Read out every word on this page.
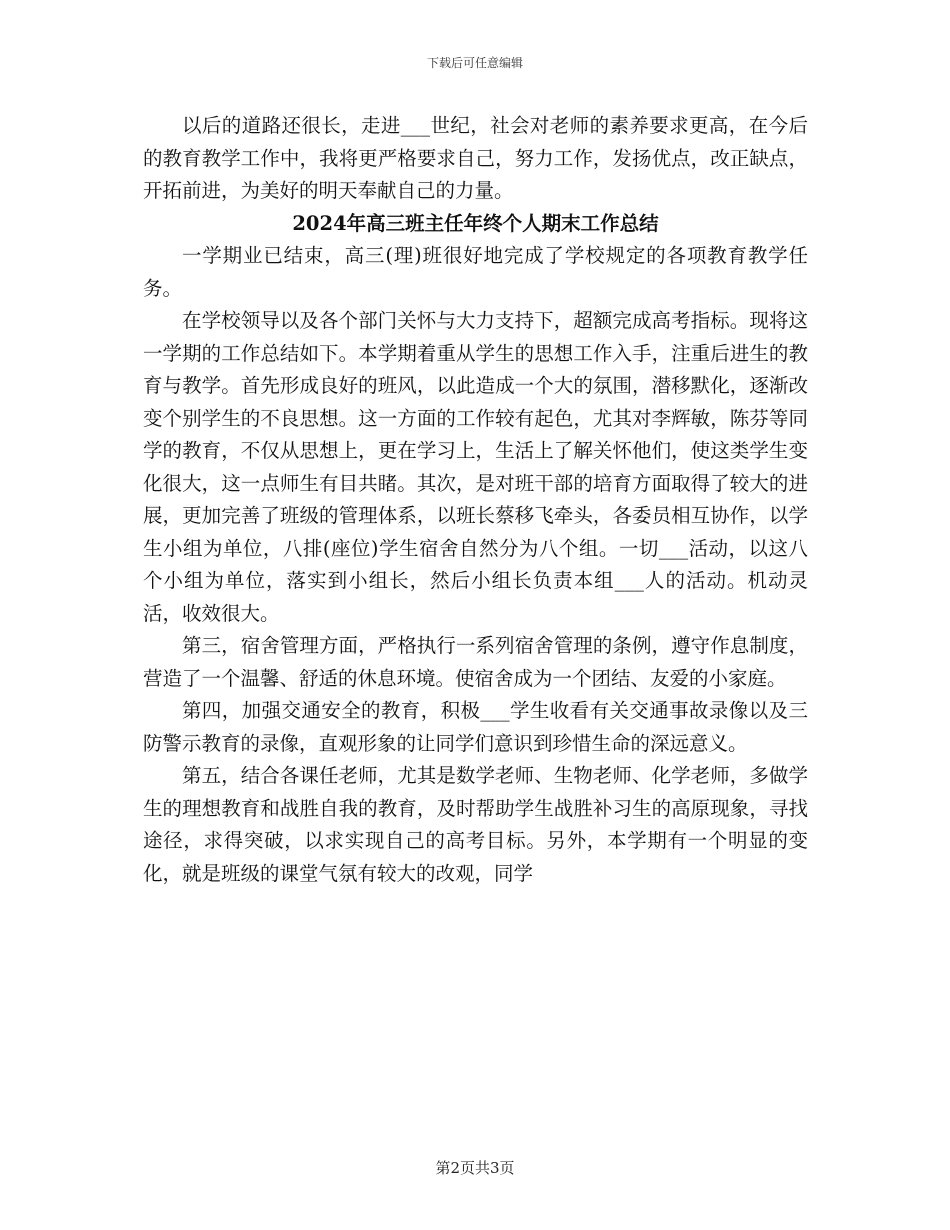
下载后可任意编辑

以后的道路还很长，走进___世纪，社会对老师的素养要求更高，在今后的教育教学工作中，我将更严格要求自己，努力工作，发扬优点，改正缺点，开拓前进，为美好的明天奉献自己的力量。

2024年高三班主任年终个人期末工作总结

一学期业已结束，高三(理)班很好地完成了学校规定的各项教育教学任务。

在学校领导以及各个部门关怀与大力支持下，超额完成高考指标。现将这一学期的工作总结如下。本学期着重从学生的思想工作入手，注重后进生的教育与教学。首先形成良好的班风，以此造成一个大的氛围，潜移默化，逐渐改变个别学生的不良思想。这一方面的工作较有起色，尤其对李辉敏，陈芬等同学的教育，不仅从思想上，更在学习上，生活上了解关怀他们，使这类学生变化很大，这一点师生有目共睹。其次，是对班干部的培育方面取得了较大的进展，更加完善了班级的管理体系，以班长蔡移飞牵头，各委员相互协作，以学生小组为单位，八排(座位)学生宿舍自然分为八个组。一切___活动，以这八个小组为单位，落实到小组长，然后小组长负责本组___人的活动。机动灵活，收效很大。

第三，宿舍管理方面，严格执行一系列宿舍管理的条例，遵守作息制度，营造了一个温馨、舒适的休息环境。使宿舍成为一个团结、友爱的小家庭。

第四，加强交通安全的教育，积极___学生收看有关交通事故录像以及三防警示教育的录像，直观形象的让同学们意识到珍惜生命的深远意义。

第五，结合各课任老师，尤其是数学老师、生物老师、化学老师，多做学生的理想教育和战胜自我的教育，及时帮助学生战胜补习生的高原现象，寻找途径，求得突破，以求实现自己的高考目标。另外，本学期有一个明显的变化，就是班级的课堂气氛有较大的改观，同学

第2页共3页
